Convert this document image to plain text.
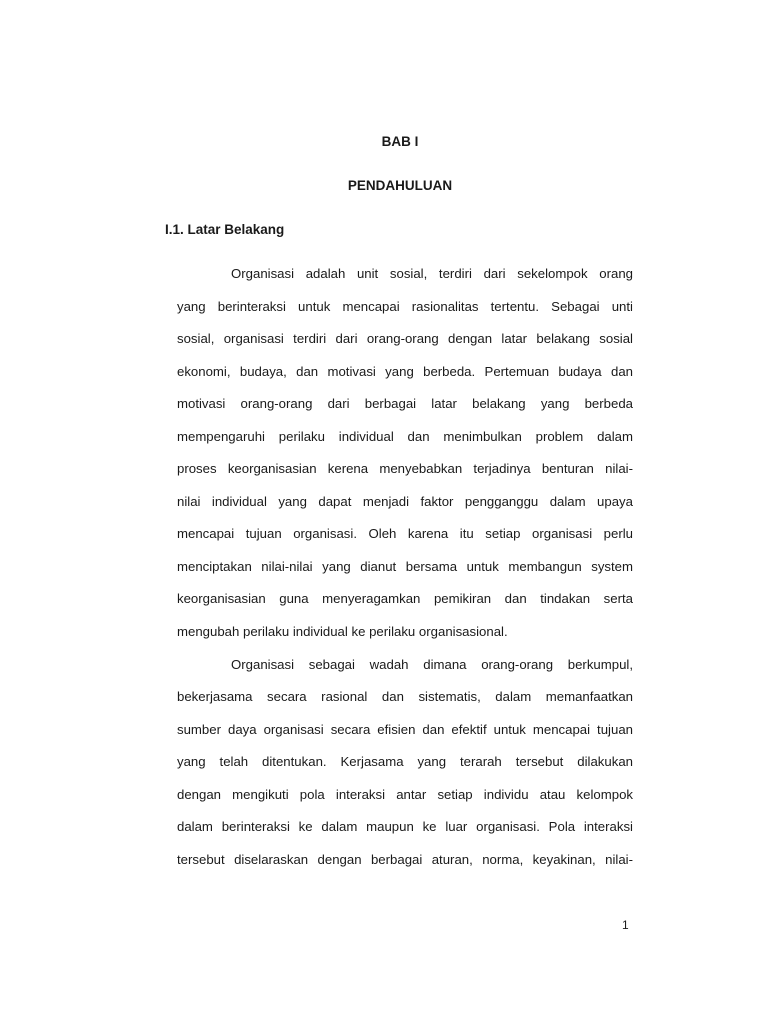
BAB I
PENDAHULUAN
I.1. Latar Belakang
Organisasi adalah unit sosial, terdiri dari sekelompok orang
yang berinteraksi untuk mencapai rasionalitas tertentu. Sebagai unti
sosial, organisasi terdiri dari orang-orang dengan latar belakang sosial
ekonomi, budaya, dan motivasi yang berbeda. Pertemuan budaya dan
motivasi orang-orang dari berbagai latar belakang yang berbeda
mempengaruhi perilaku individual dan menimbulkan problem dalam
proses keorganisasian kerena menyebabkan terjadinya benturan nilai-
nilai individual yang dapat menjadi faktor pengganggu dalam upaya
mencapai tujuan organisasi. Oleh karena itu setiap organisasi perlu
menciptakan nilai-nilai yang dianut bersama untuk membangun system
keorganisasian guna menyeragamkan pemikiran dan tindakan serta
mengubah perilaku individual ke perilaku organisasional.
Organisasi sebagai wadah dimana orang-orang berkumpul,
bekerjasama secara rasional dan sistematis, dalam memanfaatkan
sumber daya organisasi secara efisien dan efektif untuk mencapai tujuan
yang telah ditentukan. Kerjasama yang terarah tersebut dilakukan
dengan mengikuti pola interaksi antar setiap individu atau kelompok
dalam berinteraksi ke dalam maupun ke luar organisasi. Pola interaksi
tersebut diselaraskan dengan berbagai aturan, norma, keyakinan, nilai-
1
